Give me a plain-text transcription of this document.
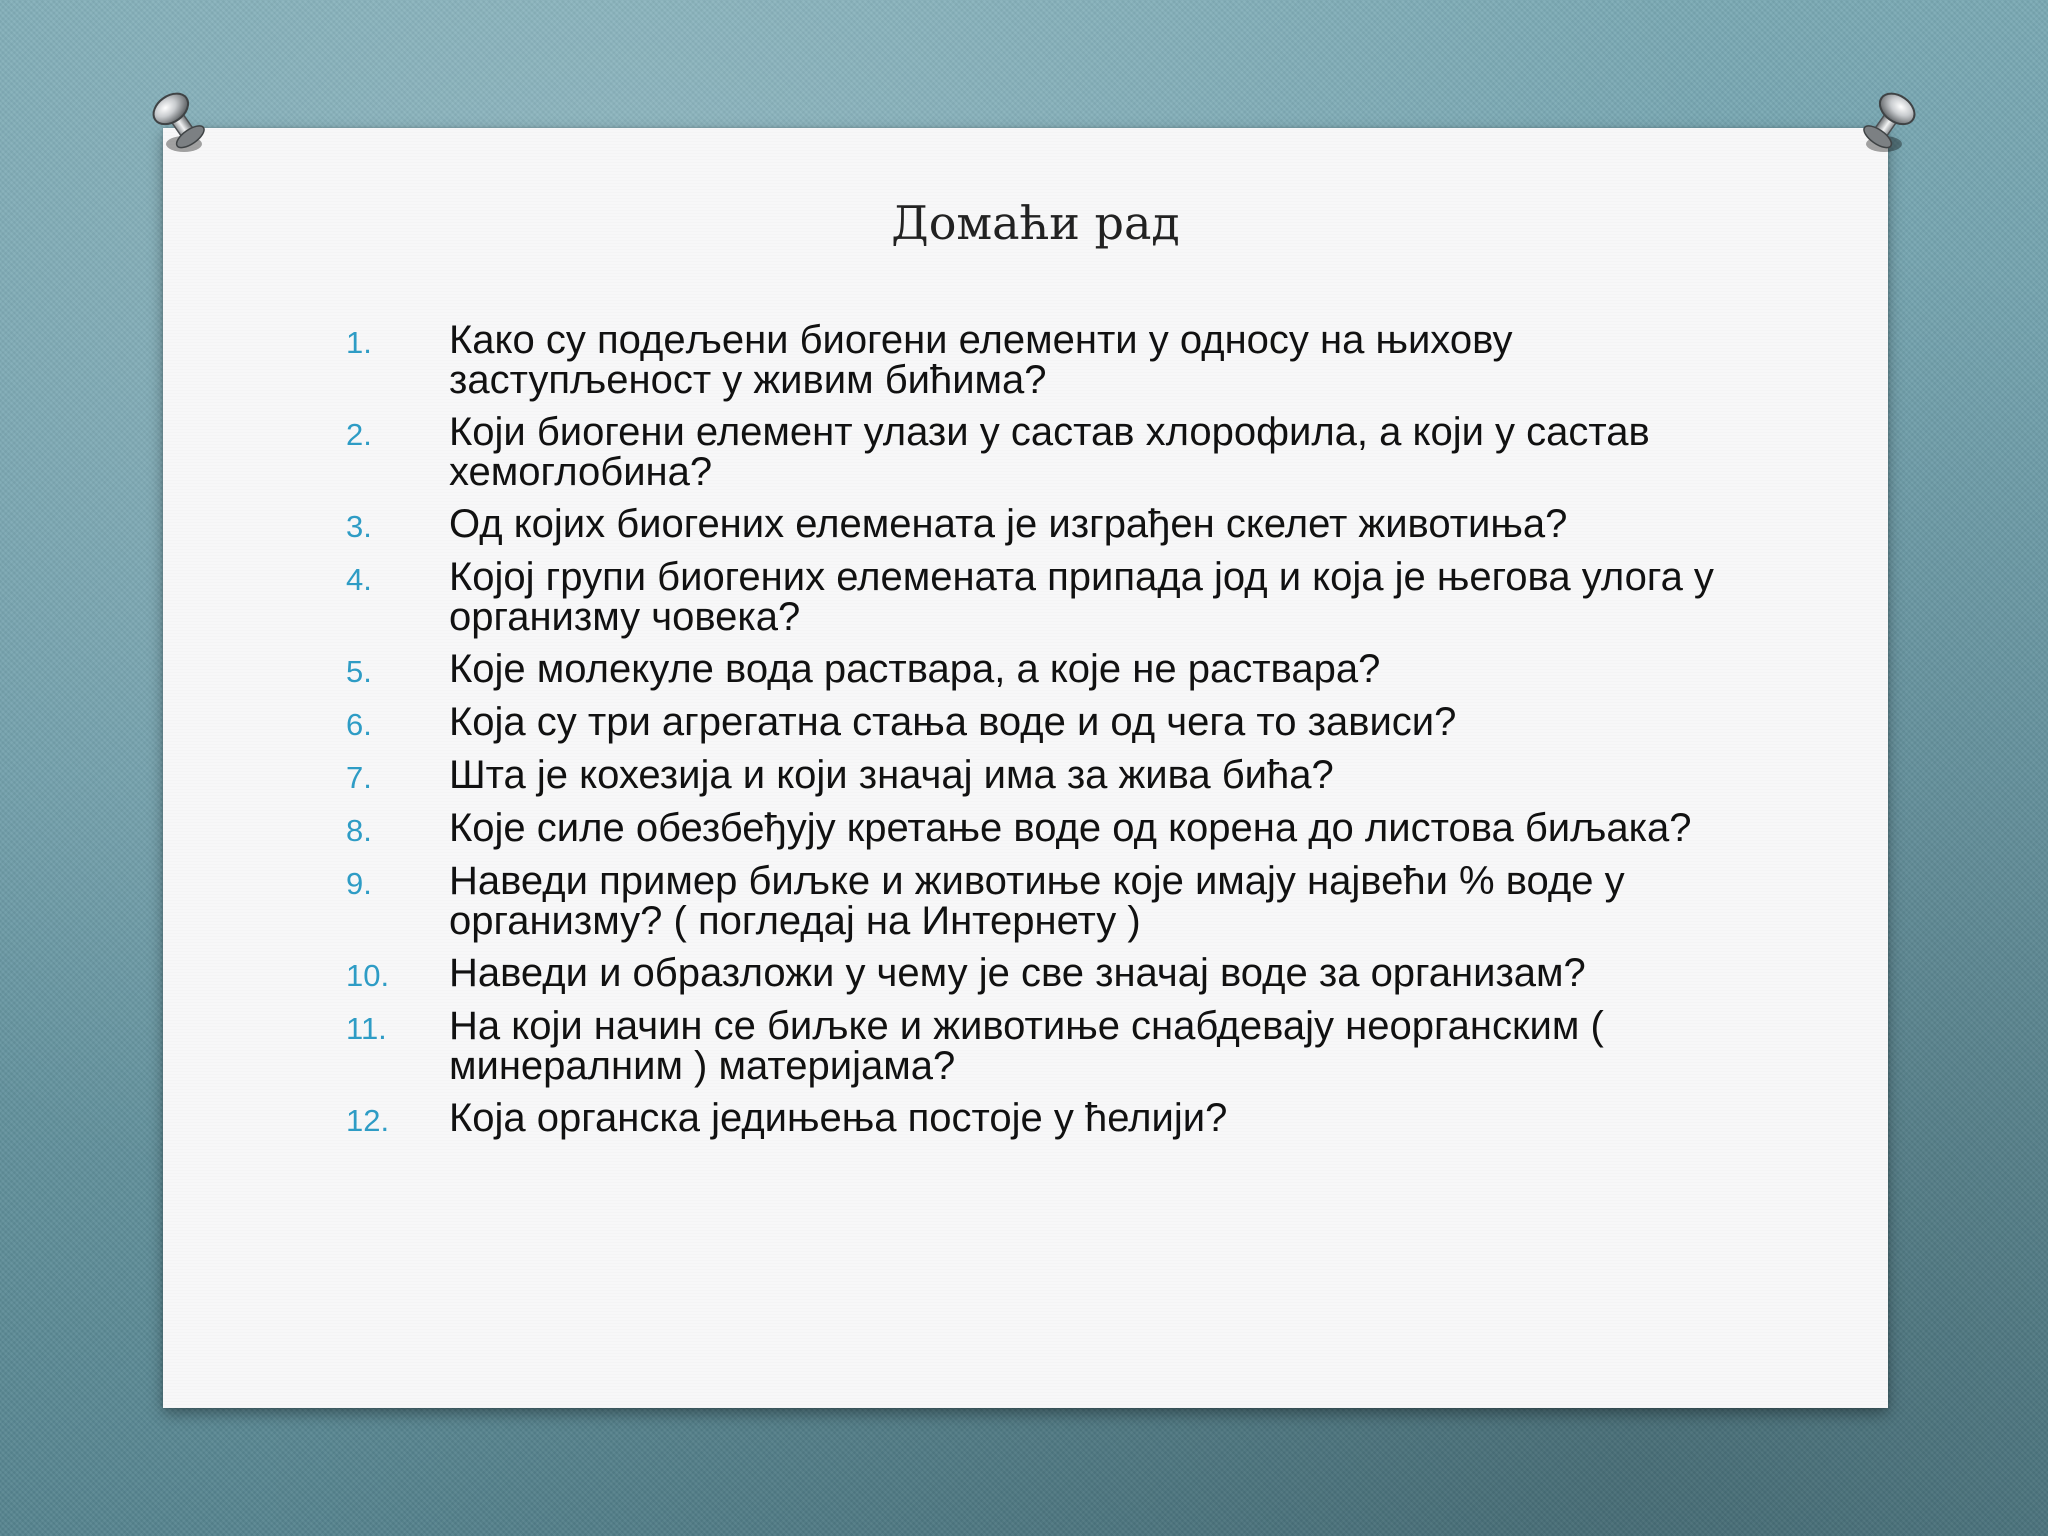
Домаћи рад
1.	Како су подељени биогени елементи у односу на њихову заступљеност у живим бићима?
2.	Који биогени елемент улази у састав хлорофила, а који у састав хемоглобина?
3.	Од којих биогених елемената је изграђен скелет животиња?
4.	Којој групи биогених елемената припада јод и која је његова улога у организму човека?
5.	Које молекуле вода раствара, а које не раствара?
6.	Која су три агрегатна стања воде и од чега то зависи?
7.	Шта је кохезија и који значај има за жива бића?
8.	Које силе обезбеђују кретање воде од корена до листова биљака?
9.	Наведи пример биљке и животиње које имају највећи % воде у организму? ( погледај на Интернету )
10.	Наведи и образложи у чему је све значај воде за организам?
11.	На који начин се биљке и животиње снабдевају неорганским ( минералним ) материјама?
12.	Која органска једињења постоје у ћелији?
